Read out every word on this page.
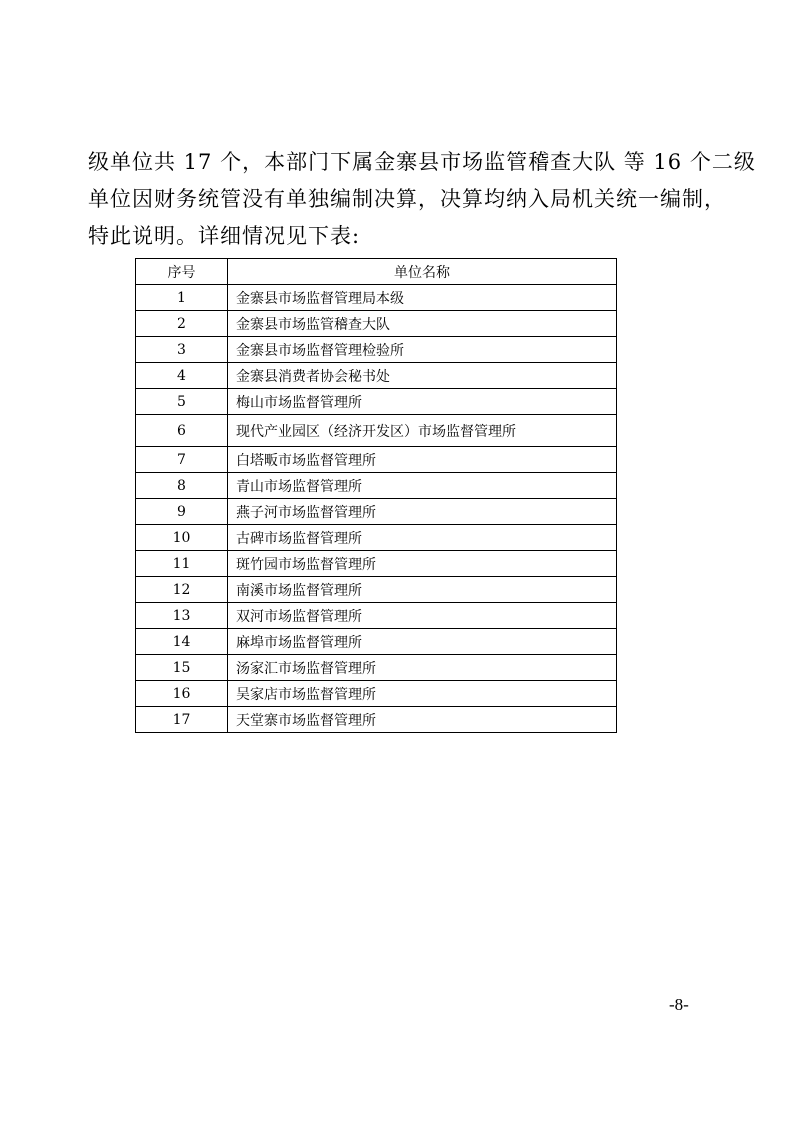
级单位共 17 个，本部门下属金寨县市场监管稽查大队 等 16 个二级
单位因财务统管没有单独编制决算，决算均纳入局机关统一编制，
特此说明。详细情况见下表:
序号	单位名称
1	金寨县市场监督管理局本级
2	金寨县市场监管稽查大队
3	金寨县市场监督管理检验所
4	金寨县消费者协会秘书处
5	梅山市场监督管理所
6	现代产业园区（经济开发区）市场监督管理所
7	白塔畈市场监督管理所
8	青山市场监督管理所
9	燕子河市场监督管理所
10	古碑市场监督管理所
11	斑竹园市场监督管理所
12	南溪市场监督管理所
13	双河市场监督管理所
14	麻埠市场监督管理所
15	汤家汇市场监督管理所
16	吴家店市场监督管理所
17	天堂寨市场监督管理所
-8-
